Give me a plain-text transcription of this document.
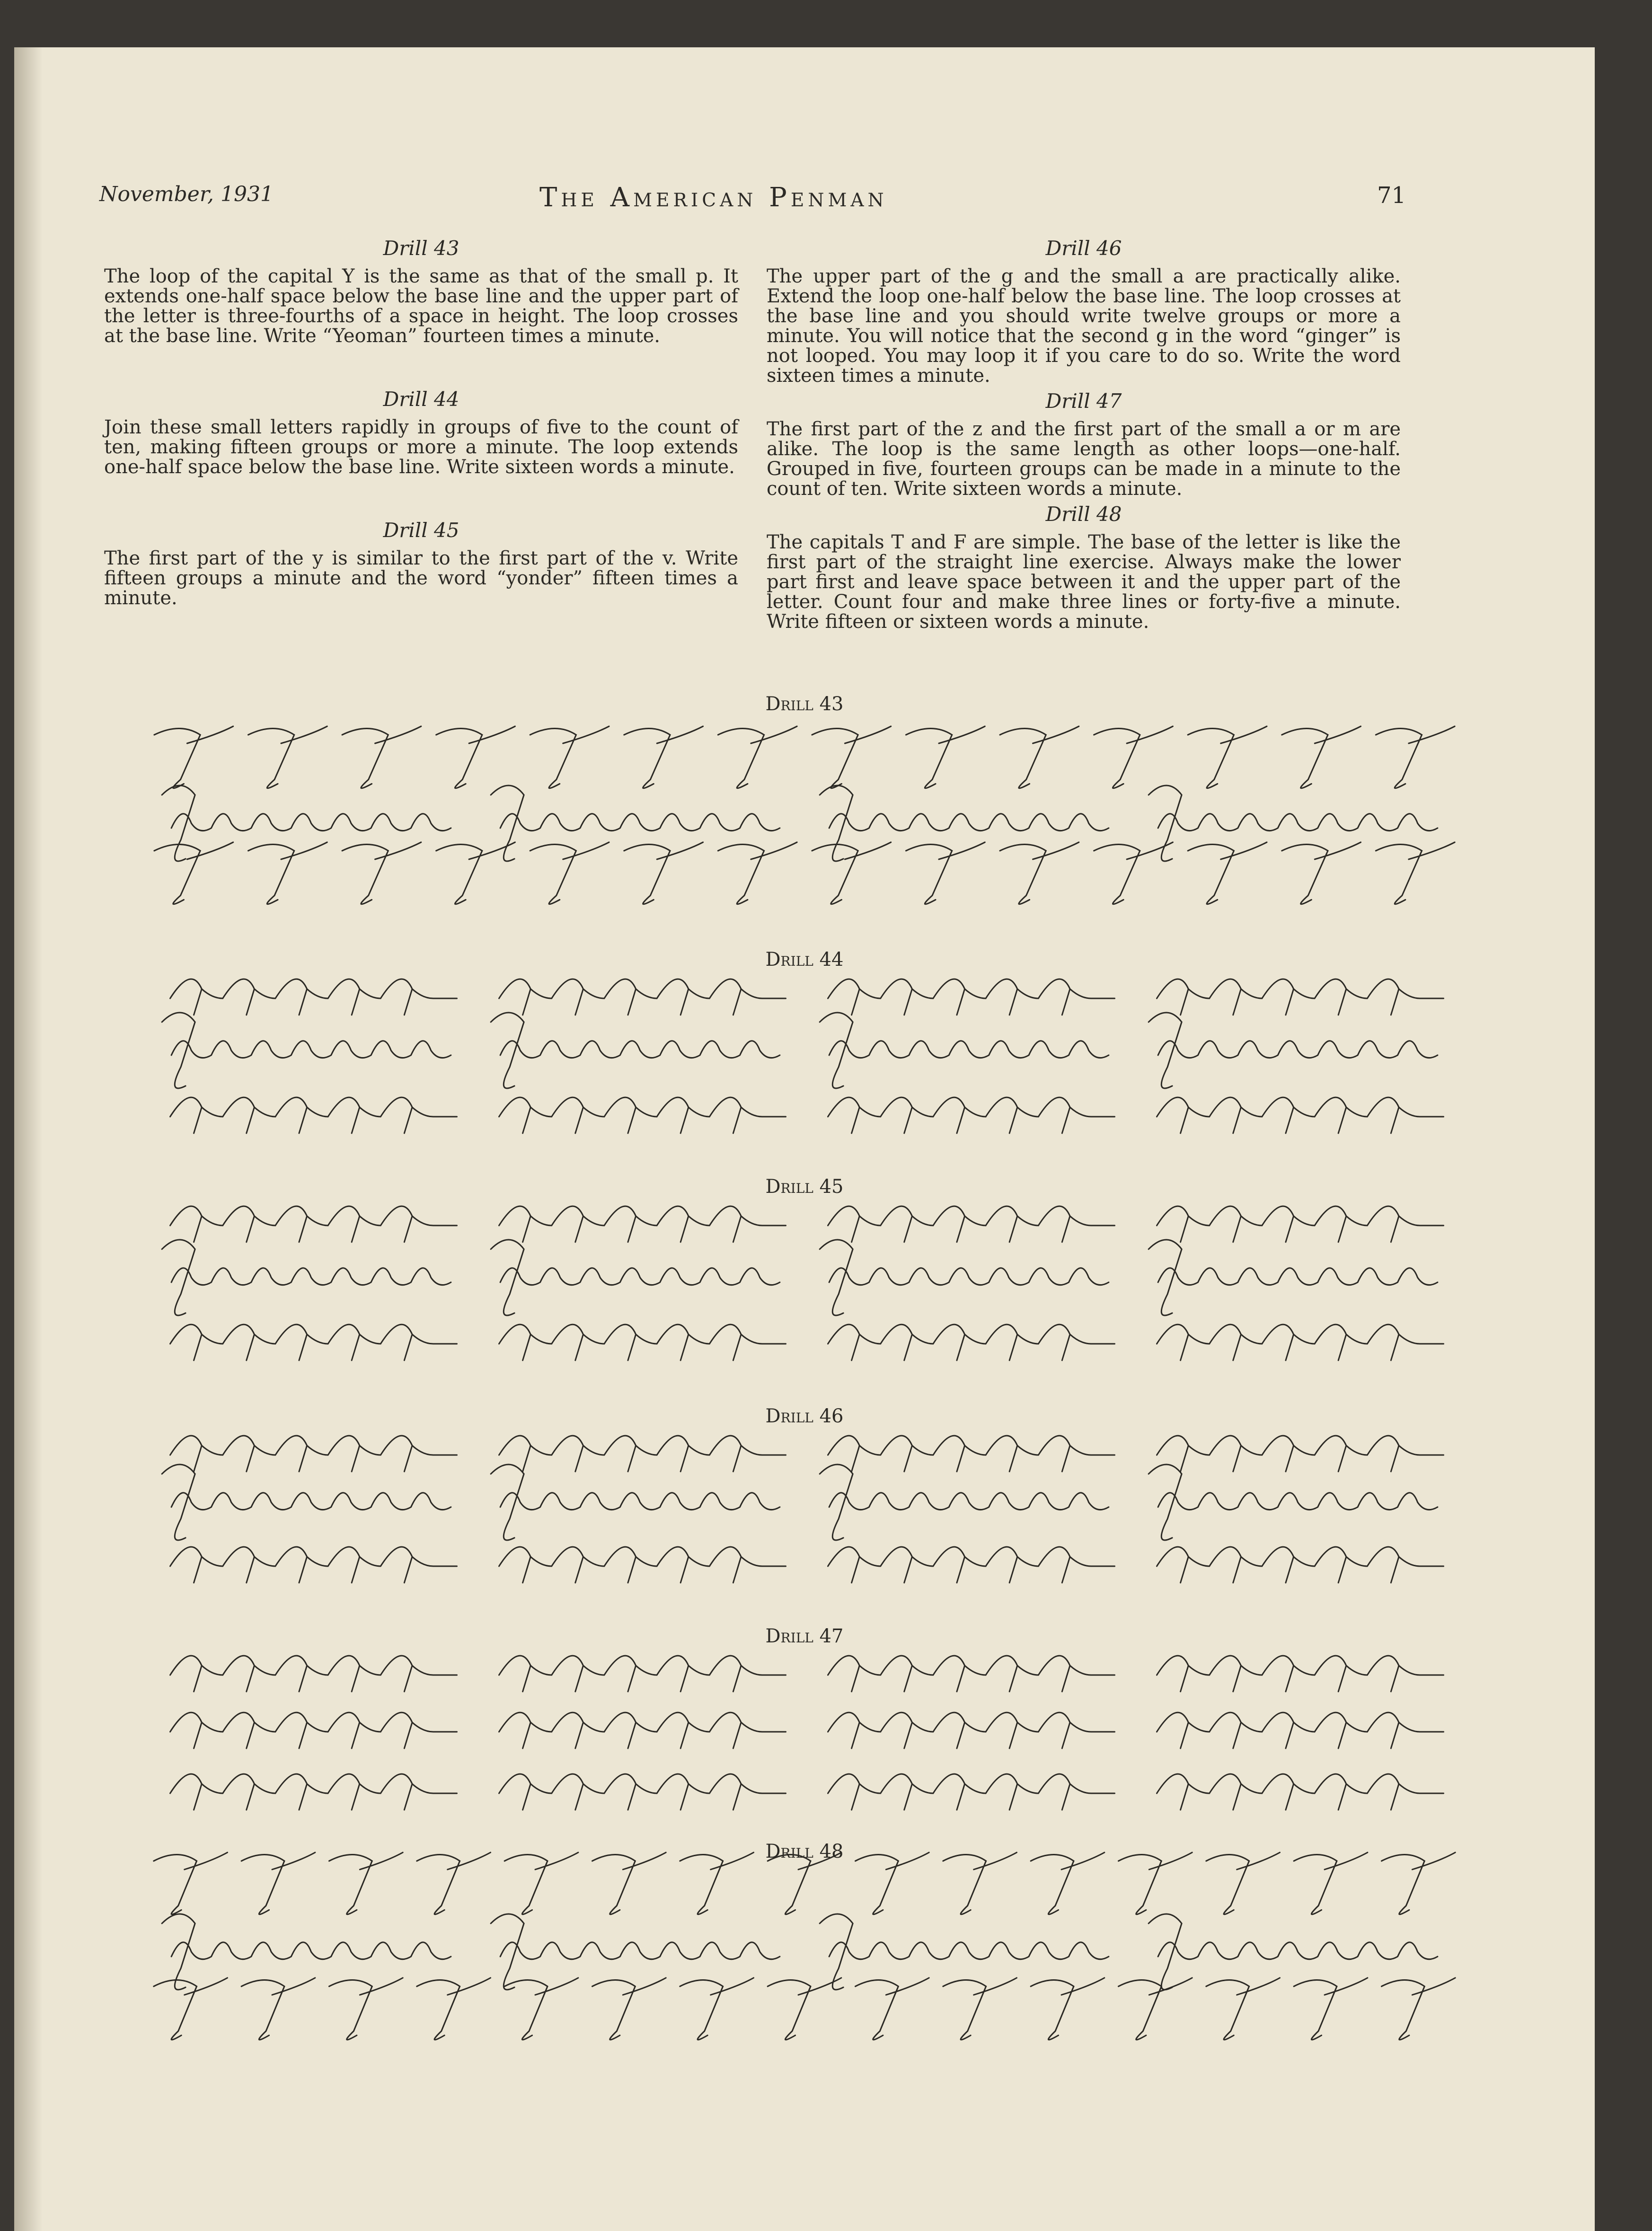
November, 1931	The American Penman	71
Drill 43
The loop of the capital Y is the same as that of the small p. It extends one-half space below the base line and the upper part of the letter is three-fourths of a space in height. The loop crosses at the base line. Write “Yeoman” fourteen times a minute.
Drill 44
Join these small letters rapidly in groups of five to the count of ten, making fifteen groups or more a minute. The loop extends one-half space below the base line. Write sixteen words a minute.
Drill 45
The first part of the y is similar to the first part of the v. Write fifteen groups a minute and the word “yonder” fifteen times a minute.
Drill 46
The upper part of the g and the small a are practically alike. Extend the loop one-half below the base line. The loop crosses at the base line and you should write twelve groups or more a minute. You will notice that the second g in the word “ginger” is not looped. You may loop it if you care to do so. Write the word sixteen times a minute.
Drill 47
The first part of the z and the first part of the small a or m are alike. The loop is the same length as other loops—one-half. Grouped in five, fourteen groups can be made in a minute to the count of ten. Write sixteen words a minute.
Drill 48
The capitals T and F are simple. The base of the letter is like the first part of the straight line exercise. Always make the lower part first and leave space between it and the upper part of the letter. Count four and make three lines or forty-five a minute. Write fifteen or sixteen words a minute.
Drill 43
Drill 44
Drill 45
Drill 46
Drill 47
Drill 48
